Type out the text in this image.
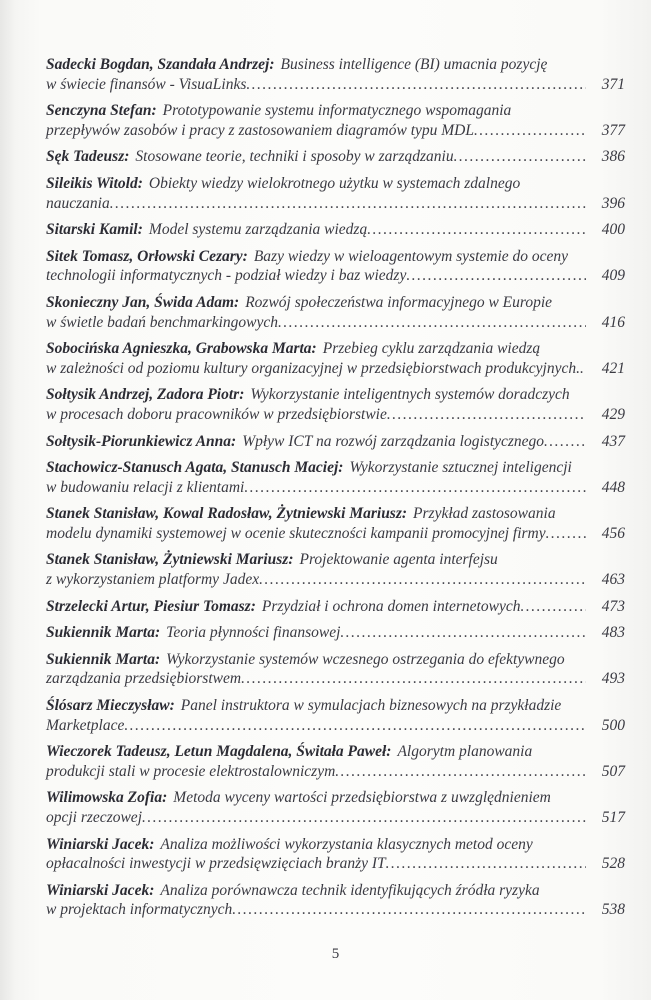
Sadecki Bogdan, Szandała Andrzej: Business intelligence (BI) umacnia pozycję
w świecie finansów - VisuaLinks .....	371
Senczyna Stefan: Prototypowanie systemu informatycznego wspomagania
przepływów zasobów i pracy z zastosowaniem diagramów typu MDL .....	377
Sęk Tadeusz: Stosowane teorie, techniki i sposoby w zarządzaniu .....	386
Sileikis Witold: Obiekty wiedzy wielokrotnego użytku w systemach zdalnego
nauczania .....	396
Sitarski Kamil: Model systemu zarządzania wiedzą .....	400
Sitek Tomasz, Orłowski Cezary: Bazy wiedzy w wieloagentowym systemie do oceny
technologii informatycznych - podział wiedzy i baz wiedzy .....	409
Skonieczny Jan, Świda Adam: Rozwój społeczeństwa informacyjnego w Europie
w świetle badań benchmarkingowych .....	416
Sobocińska Agnieszka, Grabowska Marta: Przebieg cyklu zarządzania wiedzą
w zależności od poziomu kultury organizacyjnej w przedsiębiorstwach produkcyjnych. .....	421
Sołtysik Andrzej, Zadora Piotr: Wykorzystanie inteligentnych systemów doradczych
w procesach doboru pracowników w przedsiębiorstwie .....	429
Sołtysik-Piorunkiewicz Anna: Wpływ ICT na rozwój zarządzania logistycznego .....	437
Stachowicz-Stanusch Agata, Stanusch Maciej: Wykorzystanie sztucznej inteligencji
w budowaniu relacji z klientami .....	448
Stanek Stanisław, Kowal Radosław, Żytniewski Mariusz: Przykład zastosowania
modelu dynamiki systemowej w ocenie skuteczności kampanii promocyjnej firmy .....	456
Stanek Stanisław, Żytniewski Mariusz: Projektowanie agenta interfejsu
z wykorzystaniem platformy Jadex .....	463
Strzelecki Artur, Piesiur Tomasz: Przydział i ochrona domen internetowych .....	473
Sukiennik Marta: Teoria płynności finansowej .....	483
Sukiennik Marta: Wykorzystanie systemów wczesnego ostrzegania do efektywnego
zarządzania przedsiębiorstwem .....	493
Ślósarz Mieczysław: Panel instruktora w symulacjach biznesowych na przykładzie
Marketplace .....	500
Wieczorek Tadeusz, Letun Magdalena, Świtała Paweł: Algorytm planowania
produkcji stali w procesie elektrostalowniczym .....	507
Wilimowska Zofia: Metoda wyceny wartości przedsiębiorstwa z uwzględnieniem
opcji rzeczowej .....	517
Winiarski Jacek: Analiza możliwości wykorzystania klasycznych metod oceny
opłacalności inwestycji w przedsięwzięciach branży IT .....	528
Winiarski Jacek: Analiza porównawcza technik identyfikujących źródła ryzyka
w projektach informatycznych .....	538
5
